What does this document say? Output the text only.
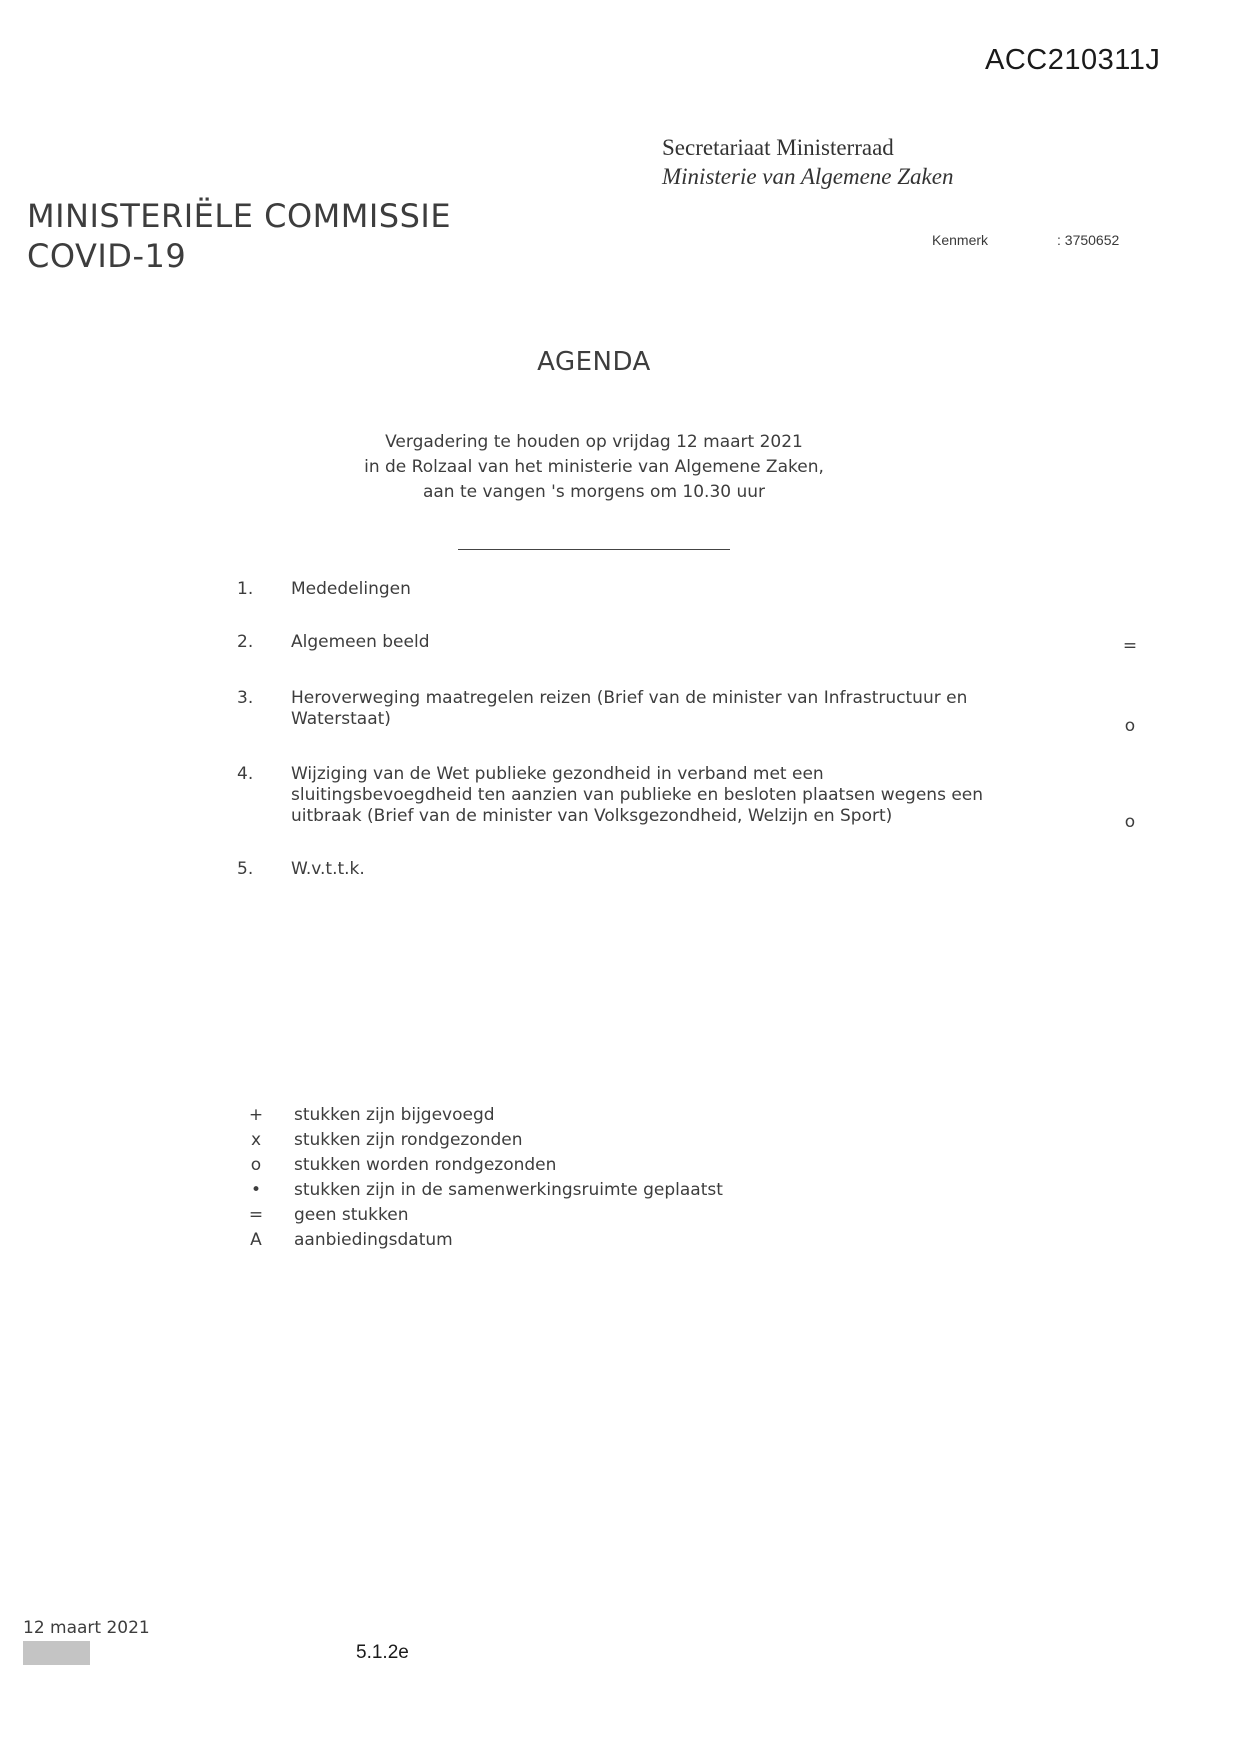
ACC210311J
Secretariaat Ministerraad
Ministerie van Algemene Zaken
MINISTERIËLE COMMISSIE
COVID-19	Kenmerk	: 3750652
AGENDA
Vergadering te houden op vrijdag 12 maart 2021
in de Rolzaal van het ministerie van Algemene Zaken,
aan te vangen 's morgens om 10.30 uur
1.	Mededelingen
2.	Algemeen beeld	=
3.	Heroverweging maatregelen reizen (Brief van de minister van Infrastructuur en
Waterstaat)	o
4.	Wijziging van de Wet publieke gezondheid in verband met een
sluitingsbevoegdheid ten aanzien van publieke en besloten plaatsen wegens een
uitbraak (Brief van de minister van Volksgezondheid, Welzijn en Sport)	o
5.	W.v.t.t.k.
+ stukken zijn bijgevoegd
x	stukken zijn rondgezonden
o	stukken worden rondgezonden
•	stukken zijn in de samenwerkingsruimte geplaatst
= geen stukken
A	aanbiedingsdatum
12 maart 2021
5.1.2e
